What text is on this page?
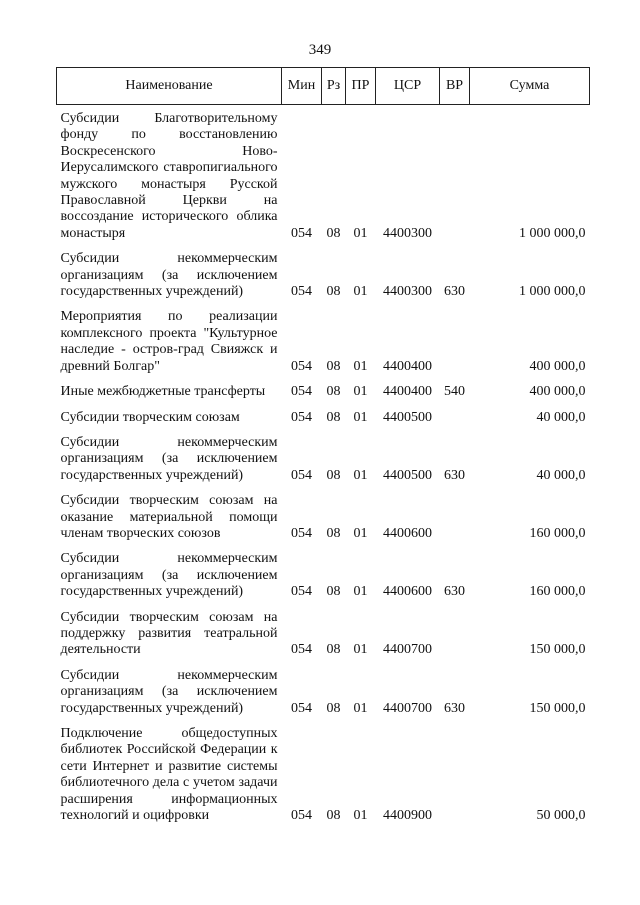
349
Наименование	Мин	Рз	ПР	ЦСР	ВР	Сумма
Субсидии Благотворительному фонду по восстановлению Воскресенского Ново-Иерусалимского ставропигиального мужского монастыря Русской Православной Церкви на воссоздание исторического облика монастыря	054	08	01	4400300		1 000 000,0
Субсидии некоммерческим организациям (за исключением государственных учреждений)	054	08	01	4400300	630	1 000 000,0
Мероприятия по реализации комплексного проекта "Культурное наследие - остров-град Свияжск и древний Болгар"	054	08	01	4400400		400 000,0
Иные межбюджетные трансферты	054	08	01	4400400	540	400 000,0
Субсидии творческим союзам	054	08	01	4400500		40 000,0
Субсидии некоммерческим организациям (за исключением государственных учреждений)	054	08	01	4400500	630	40 000,0
Субсидии творческим союзам на оказание материальной помощи членам творческих союзов	054	08	01	4400600		160 000,0
Субсидии некоммерческим организациям (за исключением государственных учреждений)	054	08	01	4400600	630	160 000,0
Субсидии творческим союзам на поддержку развития театральной деятельности	054	08	01	4400700		150 000,0
Субсидии некоммерческим организациям (за исключением государственных учреждений)	054	08	01	4400700	630	150 000,0
Подключение общедоступных библиотек Российской Федерации к сети Интернет и развитие системы библиотечного дела с учетом задачи расширения информационных технологий и оцифровки	054	08	01	4400900		50 000,0
